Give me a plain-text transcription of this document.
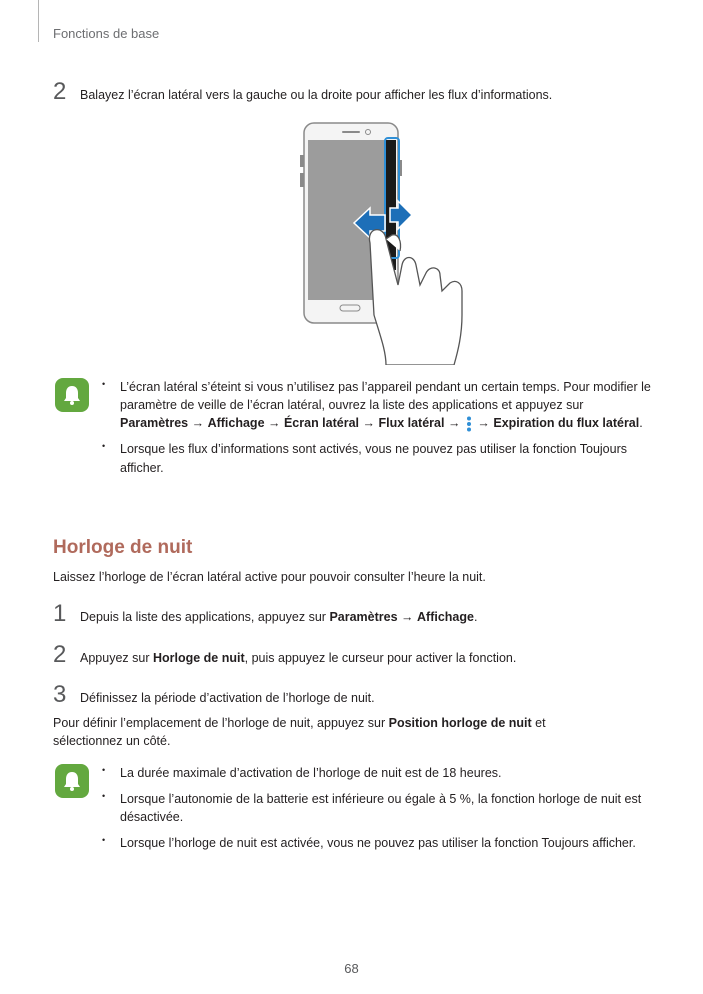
Fonctions de base
2	Balayez l’écran latéral vers la gauche ou la droite pour afficher les flux d’informations.
• L’écran latéral s’éteint si vous n’utilisez pas l’appareil pendant un certain temps. Pour modifier le paramètre de veille de l’écran latéral, ouvrez la liste des applications et appuyez sur Paramètres → Affichage → Écran latéral → Flux latéral →  → Expiration du flux latéral.
• Lorsque les flux d’informations sont activés, vous ne pouvez pas utiliser la fonction Toujours afficher.
Horloge de nuit
Laissez l’horloge de l’écran latéral active pour pouvoir consulter l’heure la nuit.
1	Depuis la liste des applications, appuyez sur Paramètres → Affichage.
2	Appuyez sur Horloge de nuit, puis appuyez le curseur pour activer la fonction.
3	Définissez la période d’activation de l’horloge de nuit.
Pour définir l’emplacement de l’horloge de nuit, appuyez sur Position horloge de nuit et sélectionnez un côté.
• La durée maximale d’activation de l’horloge de nuit est de 18 heures.
• Lorsque l’autonomie de la batterie est inférieure ou égale à 5 %, la fonction horloge de nuit est désactivée.
• Lorsque l’horloge de nuit est activée, vous ne pouvez pas utiliser la fonction Toujours afficher.
68
